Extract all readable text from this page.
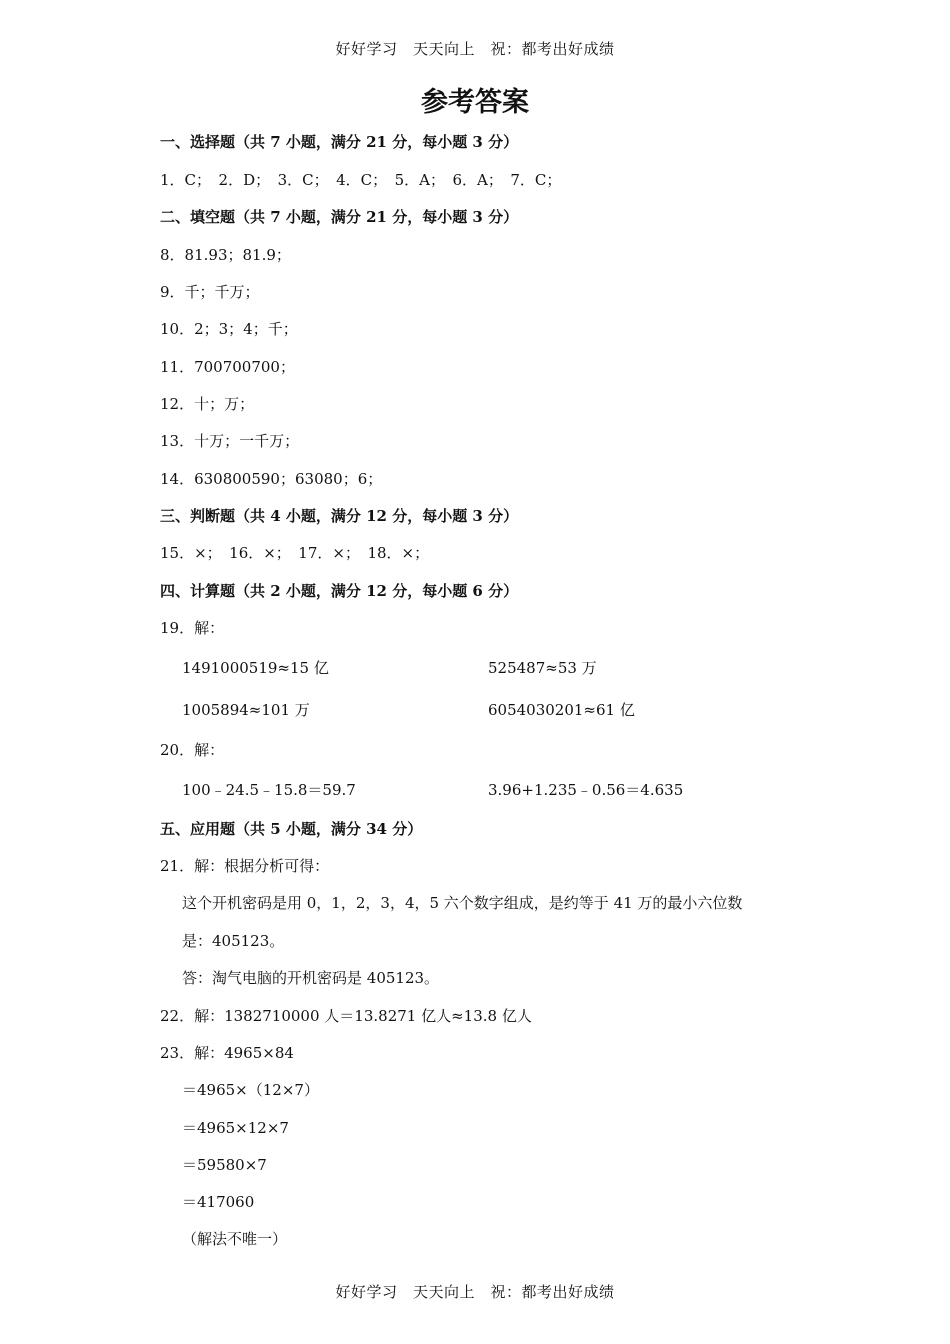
好好学习　天天向上　祝：都考出好成绩
参考答案
一、选择题（共 7 小题，满分 21 分，每小题 3 分）
1．C；　2．D；　3．C；　4．C；　5．A；　6．A；　7．C；
二、填空题（共 7 小题，满分 21 分，每小题 3 分）
8．81.93；81.9；
9．千；千万；
10．2；3；4；千；
11．700700700；
12．十；万；
13．十万；一千万；
14．630800590；63080；6；
三、判断题（共 4 小题，满分 12 分，每小题 3 分）
15．×；　16．×；　17．×；　18．×；
四、计算题（共 2 小题，满分 12 分，每小题 6 分）
19．解：
1491000519≈15 亿	525487≈53 万
1005894≈101 万	6054030201≈61 亿
20．解：
100﹣24.5﹣15.8＝59.7	3.96+1.235﹣0.56＝4.635
五、应用题（共 5 小题，满分 34 分）
21．解：根据分析可得：
这个开机密码是用 0，1，2，3，4，5 六个数字组成，是约等于 41 万的最小六位数
是：405123。
答：淘气电脑的开机密码是 405123。
22．解：1382710000 人＝13.8271 亿人≈13.8 亿人
23．解：4965×84
＝4965×（12×7）
＝4965×12×7
＝59580×7
＝417060
（解法不唯一）
好好学习　天天向上　祝：都考出好成绩
